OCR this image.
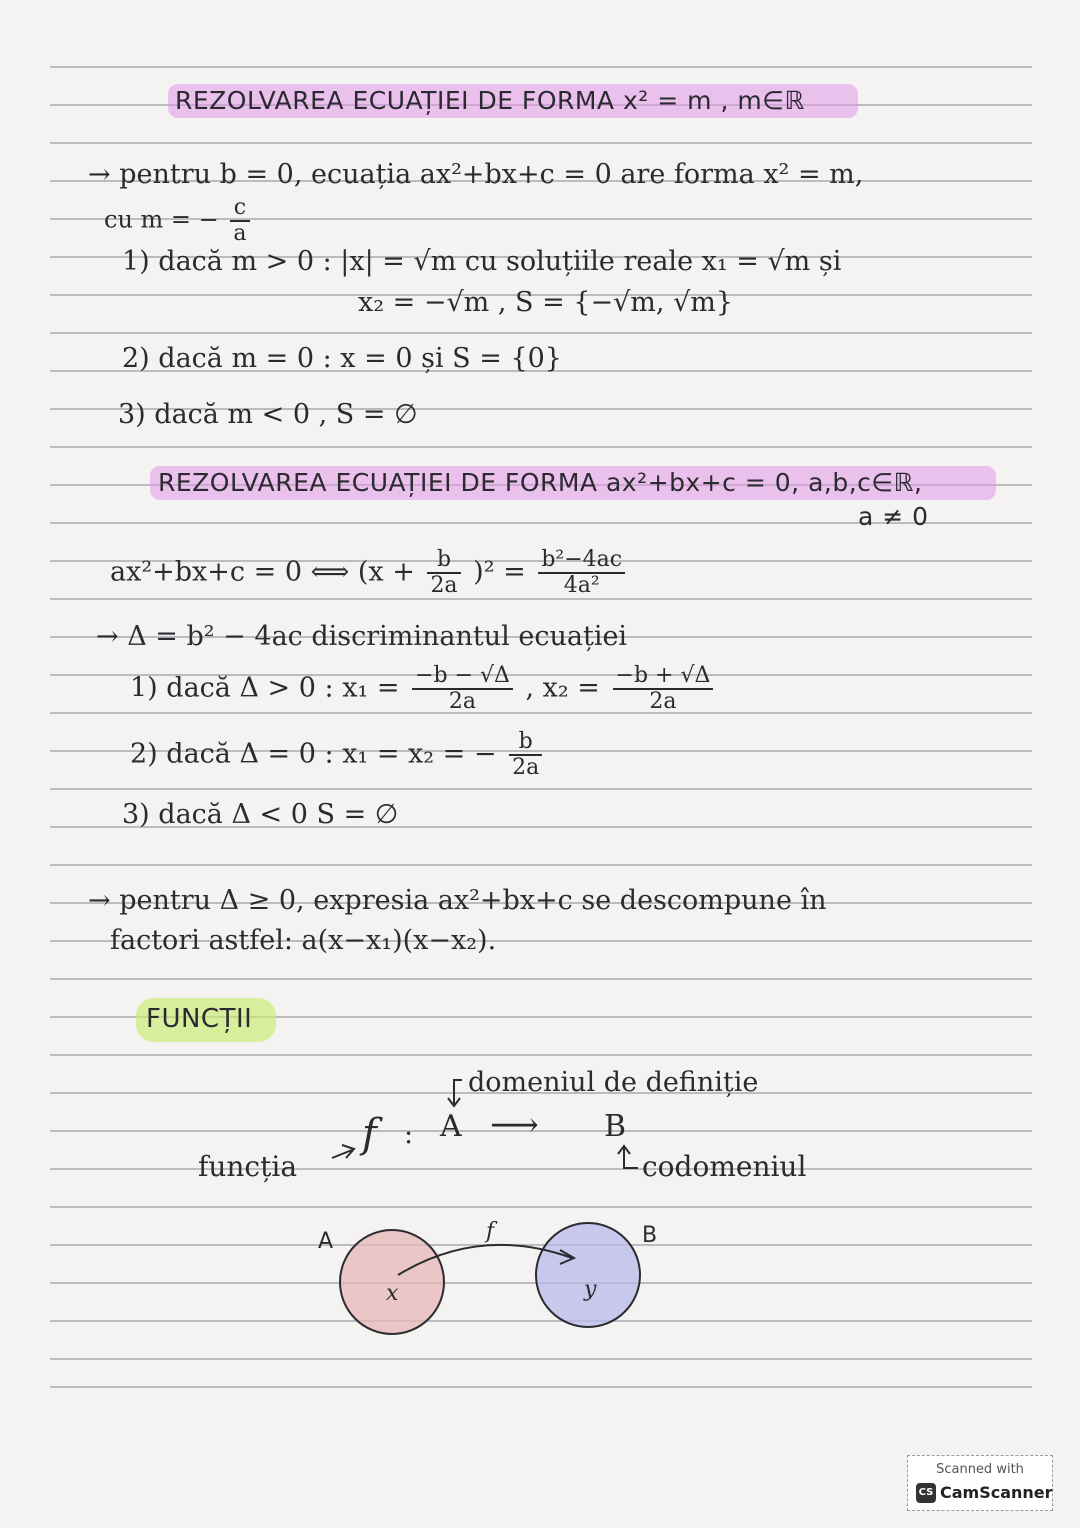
REZOLVAREA ECUAȚIEI DE FORMA x² = m , m∈ℝ
→ pentru b = 0, ecuația ax²+bx+c = 0 are forma x² = m,
cu m = − $\frac{c}{a}$
1) dacă m > 0 : |x| = √m cu soluțiile reale x₁ = √m și
x₂ = −√m , S = {−√m, √m}
2) dacă m = 0 : x = 0 și S = {0}
3) dacă m < 0 , S = ∅
REZOLVAREA ECUAȚIEI DE FORMA ax²+bx+c = 0, a,b,c∈ℝ,
a ≠ 0
ax²+bx+c = 0 ⟺ $(x + \frac{b}{2a} )^2 = \frac{\text{b²−4ac}}{\text{4a²}}$
→ Δ = b² − 4ac discriminantul ecuației
1) dacă Δ > 0 : $x_1 = \frac{-b - √\Delta}{2a}$ , $x_2 = \frac{-b + √\Delta}{2a}$
2) dacă Δ = 0 : x₁ = x₂ = − $\frac{b}{2a}$
3) dacă Δ < 0 S = ∅
→ pentru Δ ≥ 0, expresia ax²+bx+c se descompune în
factori astfel: a(x−x₁)(x−x₂).
FUNCȚII
domeniul de definiție
f : A ⟶ B
funcția	codomeniul
A	B
f
x	y
Scanned with
CS CamScanner
